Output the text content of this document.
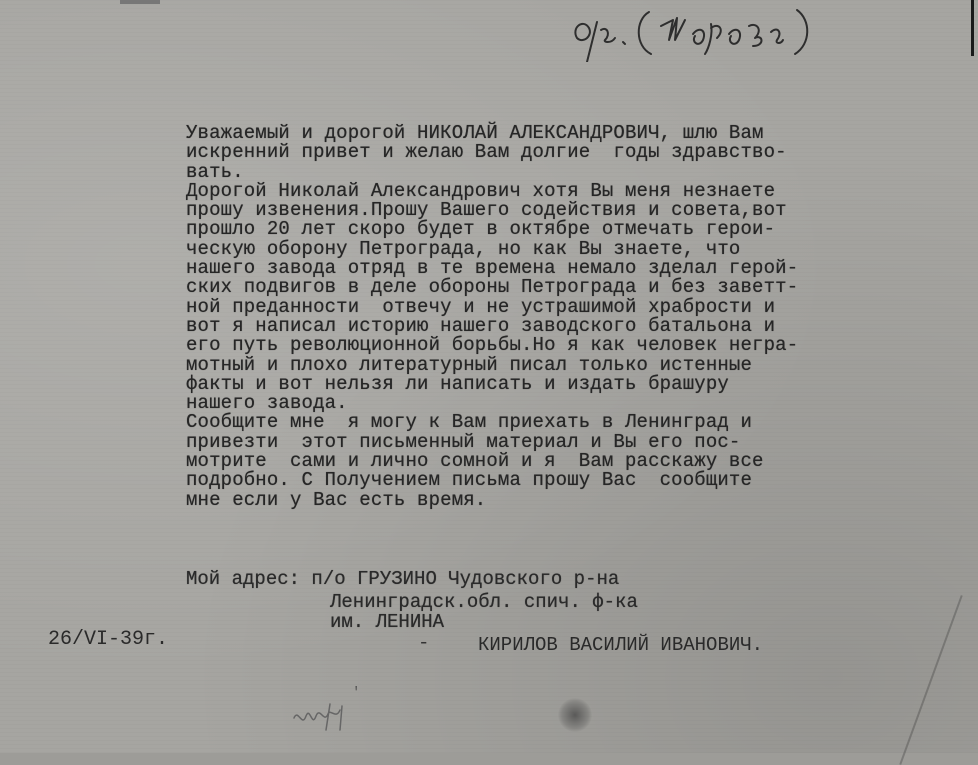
Уважаемый и дорогой НИКОЛАЙ АЛЕКСАНДРОВИЧ, шлю Вам
искренний привет и желаю Вам долгие  годы здравство-
вать.
Дорогой Николай Александрович хотя Вы меня незнаете
прошу извенения.Прошу Вашего содействия и совета,вот
прошло 20 лет скоро будет в октябре отмечать герои-
ческую оборону Петрограда, но как Вы знаете, что
нашего завода отряд в те времена немало зделал герой-
ских подвигов в деле обороны Петрограда и без заветт-
ной преданности  отвечу и не устрашимой храбрости и
вот я написал историю нашего заводского батальона и
его путь революционной борьбы.Но я как человек негра-
мотный и плохо литературный писал только истенные
факты и вот нельзя ли написать и издать брашуру
нашего завода.
Сообщите мне  я могу к Вам приехать в Ленинград и
привезти  этот письменный материал и Вы его пос-
мотрите  сами и лично сомной и я  Вам расскажу все
подробно. С Получением письма прошу Вас  сообщите
мне если у Вас есть время.

Мой адрес: п/о ГРУЗИНО Чудовского р-на

Ленинградск.обл. спич. ф-ка

им. ЛЕНИНА

26/VI-39г.	-	КИРИЛОВ ВАСИЛИЙ ИВАНОВИЧ.
'
